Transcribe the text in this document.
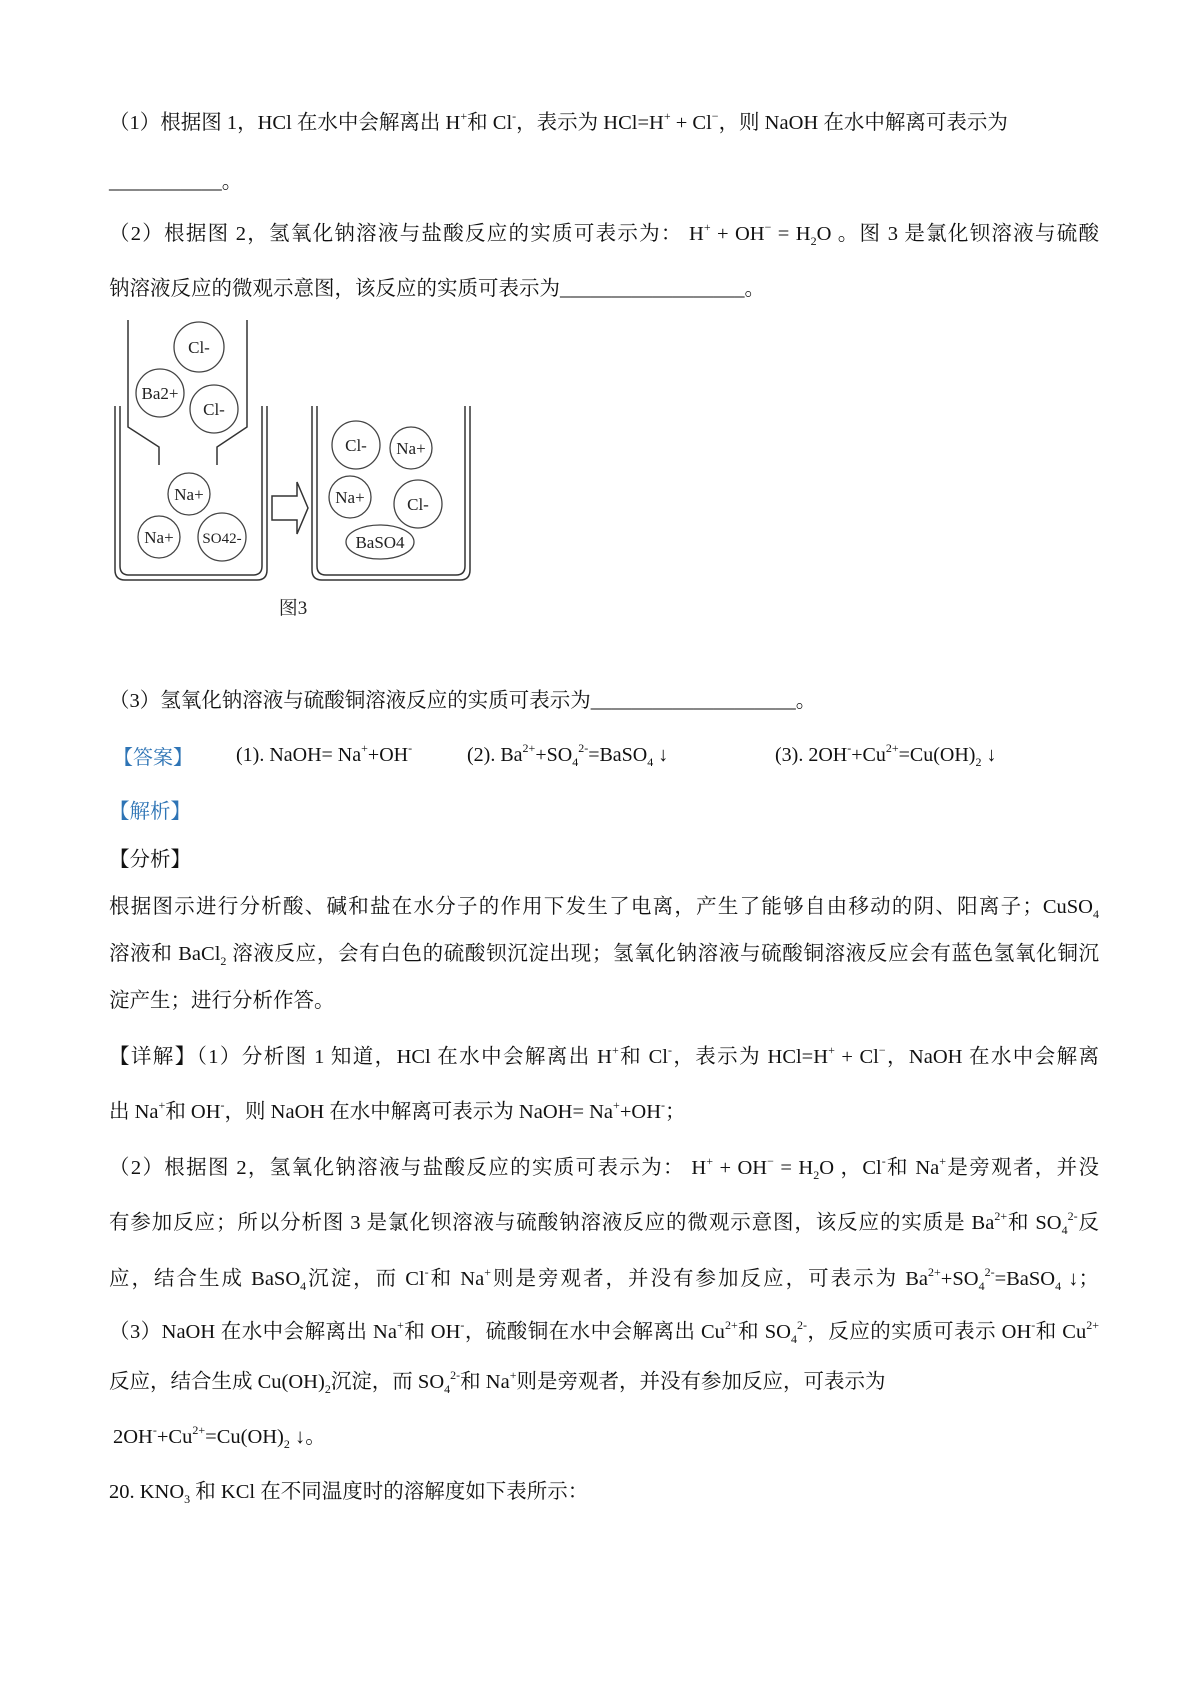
（1）根据图 1，HCl 在水中会解离出 H+和 Cl-，表示为 HCl=H+ + Cl−，则 NaOH 在水中解离可表示为
___________。
（2）根据图 2，氢氧化钠溶液与盐酸反应的实质可表示为： $H^+ + OH^- = H_2O$ 。图 3 是氯化钡溶液与硫酸
钠溶液反应的微观示意图，该反应的实质可表示为__________________。
Cl-
Ba2+
Cl-
Na+
Na+ SO42-
Cl- Na+
Na+ Cl-
BaSO4
图3
（3）氢氧化钠溶液与硫酸铜溶液反应的实质可表示为____________________。
【答案】 (1). NaOH= Na++OH-	(2). $Ba^{2+}+SO_4^{2-}=BaSO_4$ ↓	(3). $2OH^-+Cu^{2+}=Cu(OH)_2$ ↓
【解析】
【分析】
根据图示进行分析酸、碱和盐在水分子的作用下发生了电离，产生了能够自由移动的阴、阳离子；CuSO$_4$
溶液和 BaCl$_2$ 溶液反应，会有白色的硫酸钡沉淀出现；氢氧化钠溶液与硫酸铜溶液反应会有蓝色氢氧化铜沉
淀产生；进行分析作答。
【详解】（1）分析图 1 知道，HCl 在水中会解离出 H+和 Cl-，表示为 HCl=H+ + Cl−，NaOH 在水中会解离
出 Na+和 OH-，则 NaOH 在水中解离可表示为 NaOH= Na++OH-；
（2）根据图 2，氢氧化钠溶液与盐酸反应的实质可表示为： $H^+ + OH^- = H_2O$ ，Cl-和 Na+是旁观者，并没
有参加反应；所以分析图 3 是氯化钡溶液与硫酸钠溶液反应的微观示意图，该反应的实质是 $Ba^{2+}$和 $SO_4^{2-}$反
应，结合生成 BaSO$_4$沉淀，而 Cl-和 Na+则是旁观者，并没有参加反应，可表示为 $Ba^{2+}+SO_4^{2-}=BaSO_4$ ↓；
（3）NaOH 在水中会解离出 Na+和 OH-，硫酸铜在水中会解离出 $Cu^{2+}$和 $SO_4^{2-}$，反应的实质可表示 OH-和 $Cu^{2+}$
反应，结合生成 $Cu(OH)_2$沉淀，而 $SO_4^{2-}$和 Na+则是旁观者，并没有参加反应，可表示为
$2OH^-+Cu^{2+}=Cu(OH)_2$ ↓。
20. $KNO_3$ 和 KCl 在不同温度时的溶解度如下表所示：
